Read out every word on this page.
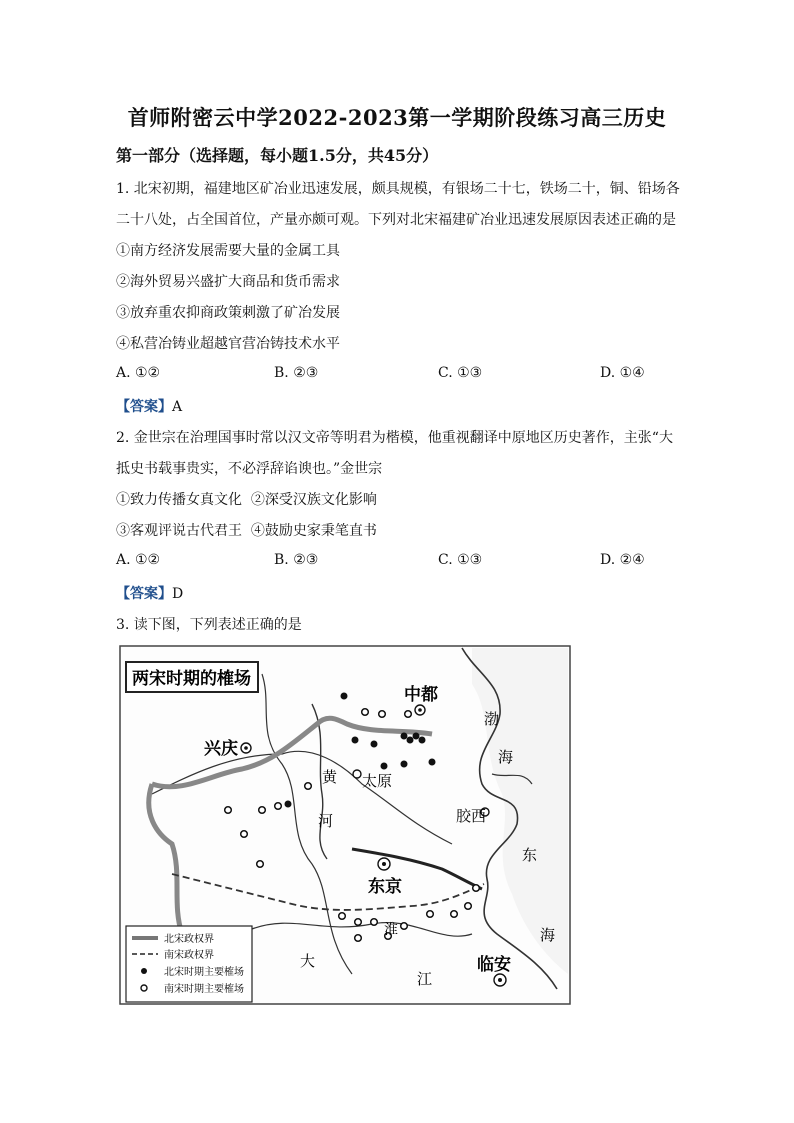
首师附密云中学2022-2023第一学期阶段练习高三历史
第一部分（选择题，每小题1.5分，共45分）
1. 北宋初期，福建地区矿冶业迅速发展，颇具规模，有银场二十七，铁场二十，铜、铅场各
二十八处，占全国首位，产量亦颇可观。下列对北宋福建矿冶业迅速发展原因表述正确的是
①南方经济发展需要大量的金属工具
②海外贸易兴盛扩大商品和货币需求
③放弃重农抑商政策刺激了矿冶发展
④私营冶铸业超越官营冶铸技术水平
A. ①②	B. ②③	C. ①③	D. ①④
【答案】A
2. 金世宗在治理国事时常以汉文帝等明君为楷模，他重视翻译中原地区历史著作，主张“大
抵史书载事贵实，不必浮辞谄谀也。”金世宗
①致力传播女真文化 ②深受汉族文化影响
③客观评说古代君王 ④鼓励史家秉笔直书
A. ①②	B. ②③	C. ①③	D. ②④
【答案】D
3. 读下图，下列表述正确的是
中都
兴庆
太原
东京
临安
胶西
黄
河
淮
大
江
渤
海
东
海
两宋时期的榷场
北宋政权界
南宋政权界
北宋时期主要榷场
南宋时期主要榷场
